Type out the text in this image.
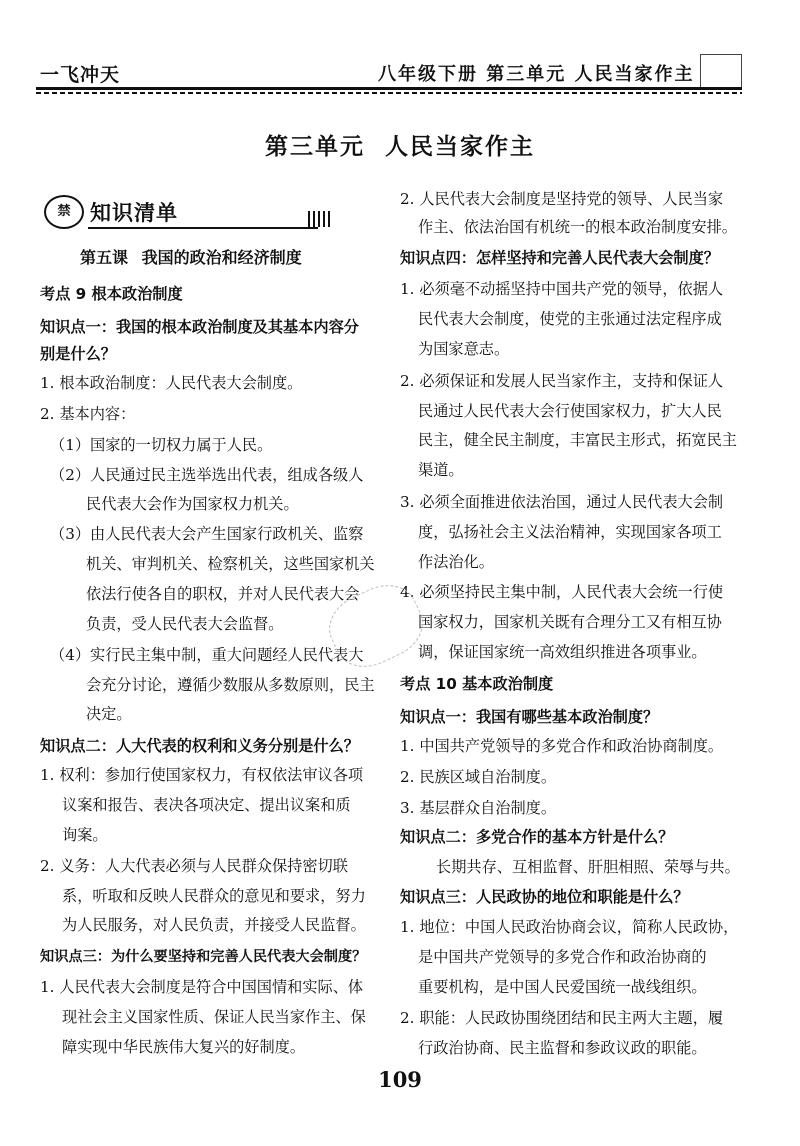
一飞冲天	八年级下册 第三单元 人民当家作主
第三单元 人民当家作主
禁 知识清单
第五课 我国的政治和经济制度
考点 9 根本政治制度
知识点一：我国的根本政治制度及其基本内容分
别是什么？
1. 根本政治制度：人民代表大会制度。
2. 基本内容：
（1）国家的一切权力属于人民。
（2）人民通过民主选举选出代表，组成各级人
民代表大会作为国家权力机关。
（3）由人民代表大会产生国家行政机关、监察
机关、审判机关、检察机关，这些国家机关
依法行使各自的职权，并对人民代表大会
负责，受人民代表大会监督。
（4）实行民主集中制，重大问题经人民代表大
会充分讨论，遵循少数服从多数原则，民主
决定。
知识点二：人大代表的权利和义务分别是什么？
1. 权利：参加行使国家权力，有权依法审议各项
议案和报告、表决各项决定、提出议案和质
询案。
2. 义务：人大代表必须与人民群众保持密切联
系，听取和反映人民群众的意见和要求，努力
为人民服务，对人民负责，并接受人民监督。
知识点三：为什么要坚持和完善人民代表大会制度？
1. 人民代表大会制度是符合中国国情和实际、体
现社会主义国家性质、保证人民当家作主、保
障实现中华民族伟大复兴的好制度。
2. 人民代表大会制度是坚持党的领导、人民当家
作主、依法治国有机统一的根本政治制度安排。
知识点四：怎样坚持和完善人民代表大会制度？
1. 必须毫不动摇坚持中国共产党的领导，依据人
民代表大会制度，使党的主张通过法定程序成
为国家意志。
2. 必须保证和发展人民当家作主，支持和保证人
民通过人民代表大会行使国家权力，扩大人民
民主，健全民主制度，丰富民主形式，拓宽民主
渠道。
3. 必须全面推进依法治国，通过人民代表大会制
度，弘扬社会主义法治精神，实现国家各项工
作法治化。
4. 必须坚持民主集中制，人民代表大会统一行使
国家权力，国家机关既有合理分工又有相互协
调，保证国家统一高效组织推进各项事业。
考点 10 基本政治制度
知识点一：我国有哪些基本政治制度？
1. 中国共产党领导的多党合作和政治协商制度。
2. 民族区域自治制度。
3. 基层群众自治制度。
知识点二：多党合作的基本方针是什么？
长期共存、互相监督、肝胆相照、荣辱与共。
知识点三：人民政协的地位和职能是什么？
1. 地位：中国人民政治协商会议，简称人民政协，
是中国共产党领导的多党合作和政治协商的
重要机构，是中国人民爱国统一战线组织。
2. 职能：人民政协围绕团结和民主两大主题，履
行政治协商、民主监督和参政议政的职能。
109
